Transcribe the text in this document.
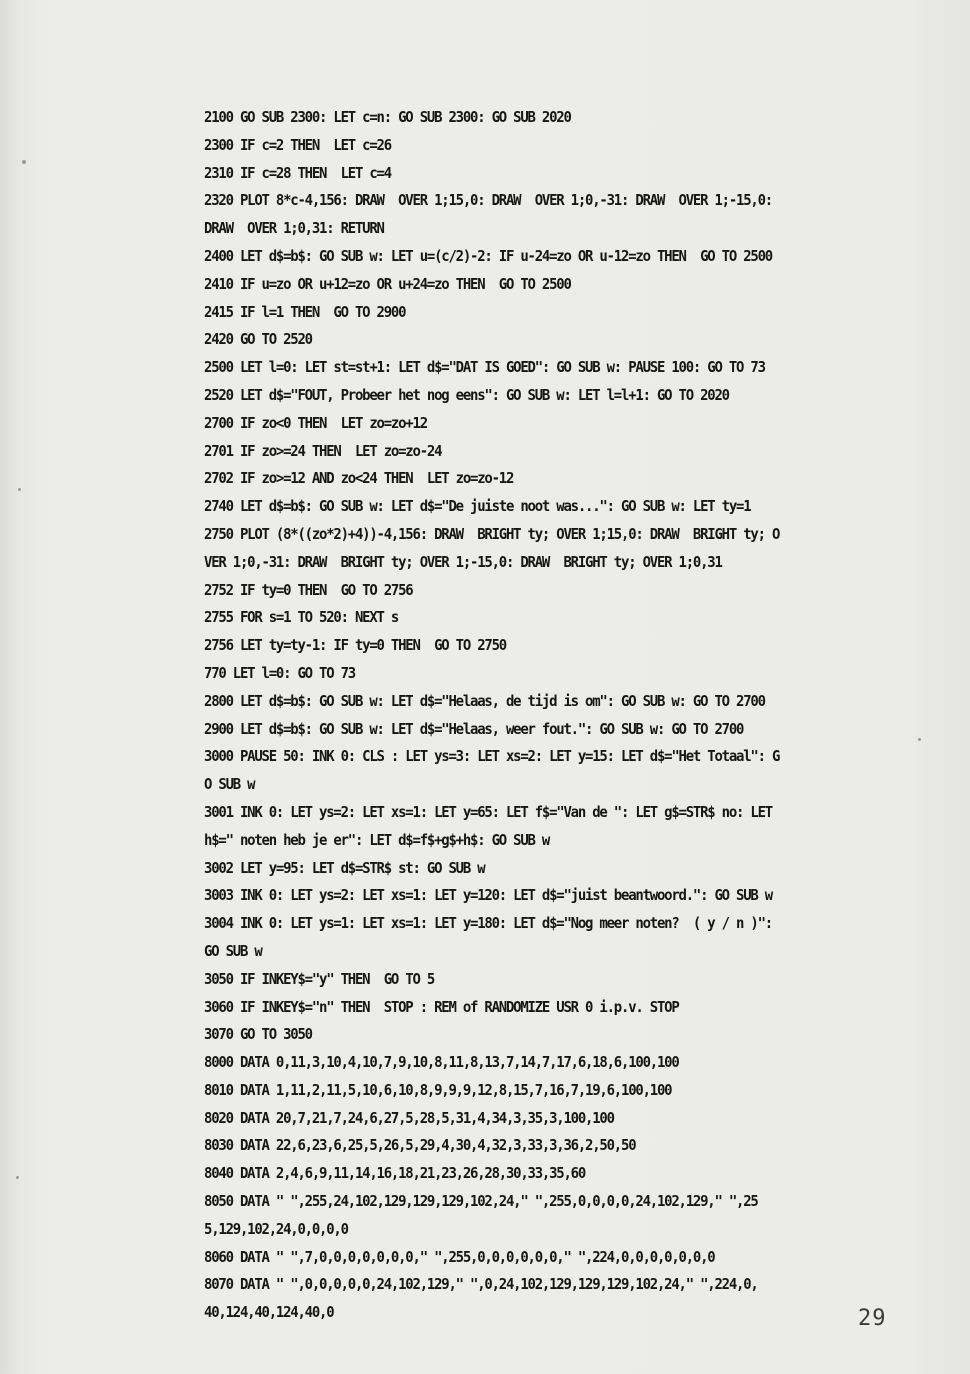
2100 GO SUB 2300: LET c=n: GO SUB 2300: GO SUB 2020
2300 IF c=2 THEN  LET c=26
2310 IF c=28 THEN  LET c=4
2320 PLOT 8*c-4,156: DRAW  OVER 1;15,0: DRAW  OVER 1;0,-31: DRAW  OVER 1;-15,0:
DRAW  OVER 1;0,31: RETURN
2400 LET d$=b$: GO SUB w: LET u=(c/2)-2: IF u-24=zo OR u-12=zo THEN  GO TO 2500
2410 IF u=zo OR u+12=zo OR u+24=zo THEN  GO TO 2500
2415 IF l=1 THEN  GO TO 2900
2420 GO TO 2520
2500 LET l=0: LET st=st+1: LET d$="DAT IS GOED": GO SUB w: PAUSE 100: GO TO 73
2520 LET d$="FOUT, Probeer het nog eens": GO SUB w: LET l=l+1: GO TO 2020
2700 IF zo<0 THEN  LET zo=zo+12
2701 IF zo>=24 THEN  LET zo=zo-24
2702 IF zo>=12 AND zo<24 THEN  LET zo=zo-12
2740 LET d$=b$: GO SUB w: LET d$="De juiste noot was...": GO SUB w: LET ty=1
2750 PLOT (8*((zo*2)+4))-4,156: DRAW  BRIGHT ty; OVER 1;15,0: DRAW  BRIGHT ty; O
VER 1;0,-31: DRAW  BRIGHT ty; OVER 1;-15,0: DRAW  BRIGHT ty; OVER 1;0,31
2752 IF ty=0 THEN  GO TO 2756
2755 FOR s=1 TO 520: NEXT s
2756 LET ty=ty-1: IF ty=0 THEN  GO TO 2750
770 LET l=0: GO TO 73
2800 LET d$=b$: GO SUB w: LET d$="Helaas, de tijd is om": GO SUB w: GO TO 2700
2900 LET d$=b$: GO SUB w: LET d$="Helaas, weer fout.": GO SUB w: GO TO 2700
3000 PAUSE 50: INK 0: CLS : LET ys=3: LET xs=2: LET y=15: LET d$="Het Totaal": G
O SUB w
3001 INK 0: LET ys=2: LET xs=1: LET y=65: LET f$="Van de ": LET g$=STR$ no: LET
h$=" noten heb je er": LET d$=f$+g$+h$: GO SUB w
3002 LET y=95: LET d$=STR$ st: GO SUB w
3003 INK 0: LET ys=2: LET xs=1: LET y=120: LET d$="juist beantwoord.": GO SUB w
3004 INK 0: LET ys=1: LET xs=1: LET y=180: LET d$="Nog meer noten?  ( y / n )":
GO SUB w
3050 IF INKEY$="y" THEN  GO TO 5
3060 IF INKEY$="n" THEN  STOP : REM of RANDOMIZE USR 0 i.p.v. STOP
3070 GO TO 3050
8000 DATA 0,11,3,10,4,10,7,9,10,8,11,8,13,7,14,7,17,6,18,6,100,100
8010 DATA 1,11,2,11,5,10,6,10,8,9,9,9,12,8,15,7,16,7,19,6,100,100
8020 DATA 20,7,21,7,24,6,27,5,28,5,31,4,34,3,35,3,100,100
8030 DATA 22,6,23,6,25,5,26,5,29,4,30,4,32,3,33,3,36,2,50,50
8040 DATA 2,4,6,9,11,14,16,18,21,23,26,28,30,33,35,60
8050 DATA " ",255,24,102,129,129,129,102,24," ",255,0,0,0,0,24,102,129," ",25
5,129,102,24,0,0,0,0
8060 DATA " ",7,0,0,0,0,0,0,0," ",255,0,0,0,0,0,0," ",224,0,0,0,0,0,0,0
8070 DATA " ",0,0,0,0,0,24,102,129," ",0,24,102,129,129,129,102,24," ",224,0,
40,124,40,124,40,0	29
